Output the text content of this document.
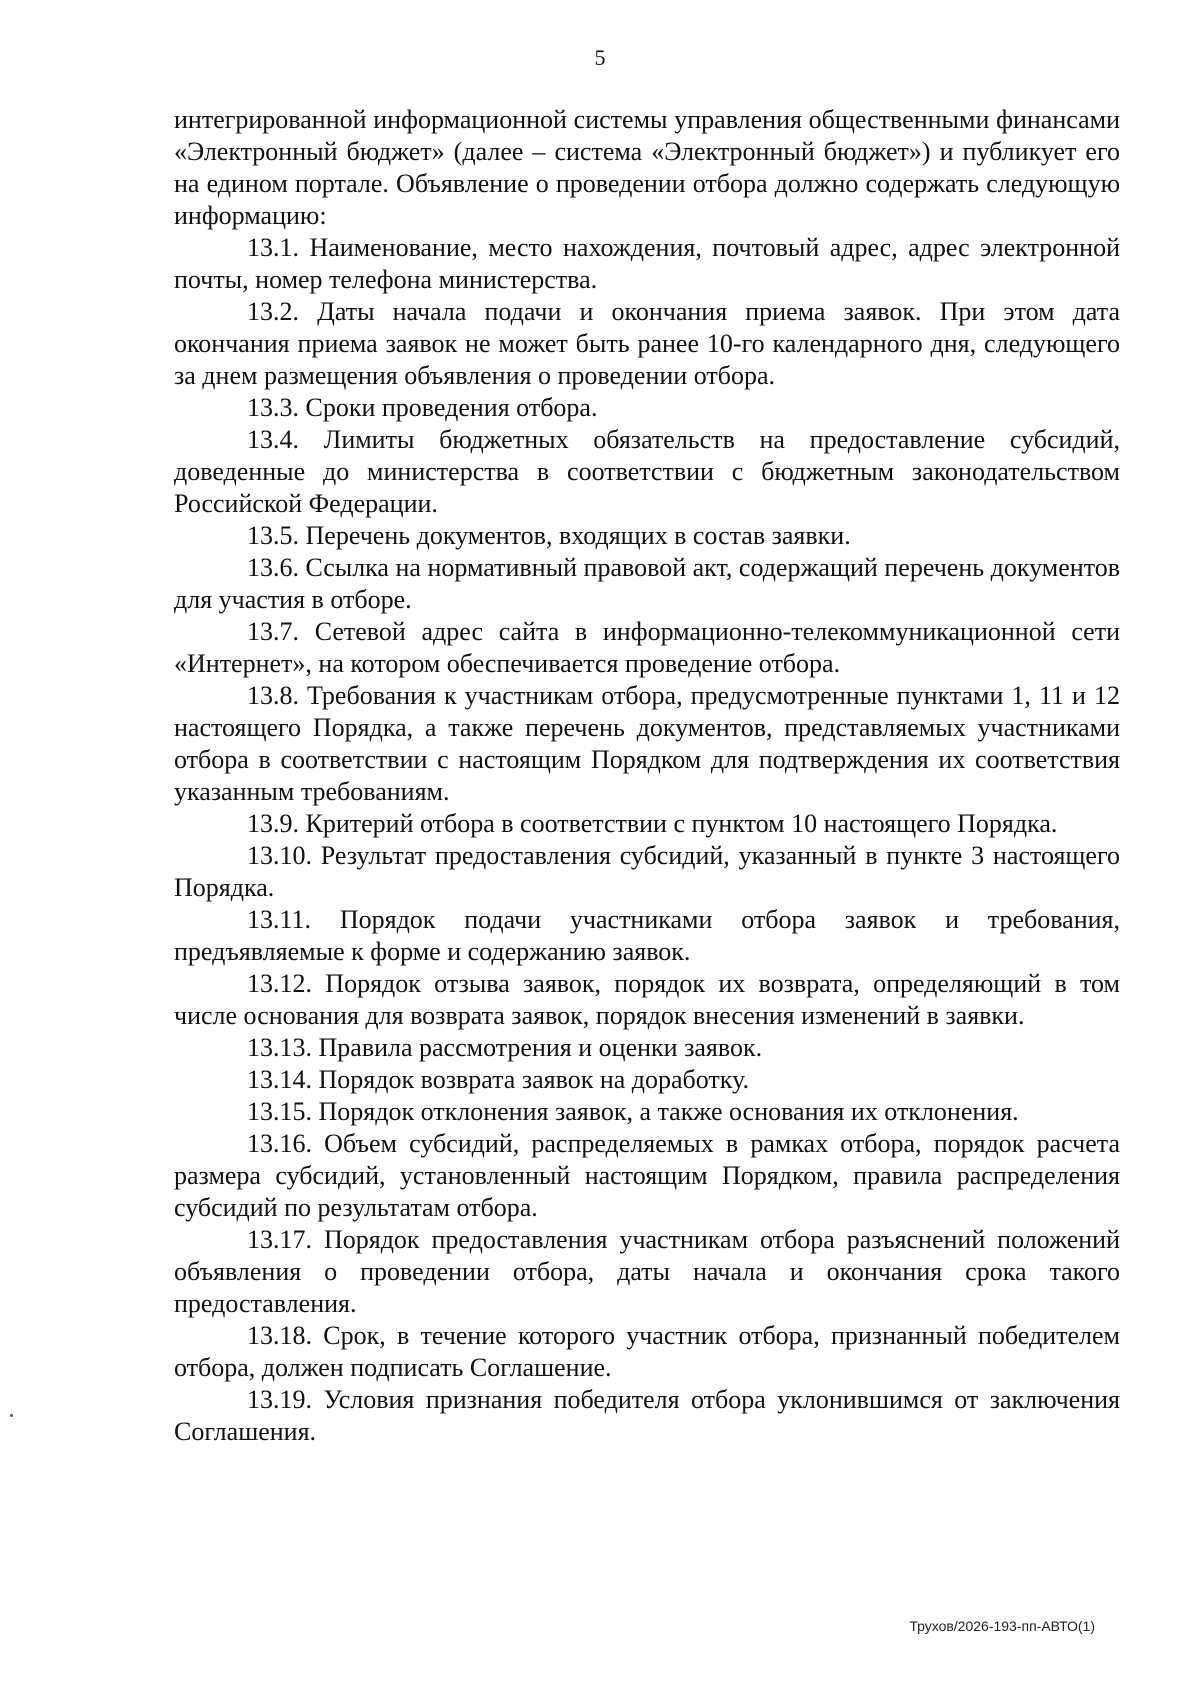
5

интегрированной информационной системы управления общественными финансами «Электронный бюджет» (далее – система «Электронный бюджет») и публикует его на едином портале. Объявление о проведении отбора должно содержать следующую информацию:

13.1. Наименование, место нахождения, почтовый адрес, адрес электронной почты, номер телефона министерства.

13.2. Даты начала подачи и окончания приема заявок. При этом дата окончания приема заявок не может быть ранее 10-го календарного дня, следующего за днем размещения объявления о проведении отбора.

13.3. Сроки проведения отбора.

13.4. Лимиты бюджетных обязательств на предоставление субсидий, доведенные до министерства в соответствии с бюджетным законодательством Российской Федерации.

13.5. Перечень документов, входящих в состав заявки.

13.6. Ссылка на нормативный правовой акт, содержащий перечень документов для участия в отборе.

13.7. Сетевой адрес сайта в информационно-телекоммуникационной сети «Интернет», на котором обеспечивается проведение отбора.

13.8. Требования к участникам отбора, предусмотренные пунктами 1, 11 и 12 настоящего Порядка, а также перечень документов, представляемых участниками отбора в соответствии с настоящим Порядком для подтверждения их соответствия указанным требованиям.

13.9. Критерий отбора в соответствии с пунктом 10 настоящего Порядка.

13.10. Результат предоставления субсидий, указанный в пункте 3 настоящего Порядка.

13.11. Порядок подачи участниками отбора заявок и требования, предъявляемые к форме и содержанию заявок.

13.12. Порядок отзыва заявок, порядок их возврата, определяющий в том числе основания для возврата заявок, порядок внесения изменений в заявки.

13.13. Правила рассмотрения и оценки заявок.

13.14. Порядок возврата заявок на доработку.

13.15. Порядок отклонения заявок, а также основания их отклонения.

13.16. Объем субсидий, распределяемых в рамках отбора, порядок расчета размера субсидий, установленный настоящим Порядком, правила распределения субсидий по результатам отбора.

13.17. Порядок предоставления участникам отбора разъяснений положений объявления о проведении отбора, даты начала и окончания срока такого предоставления.

13.18. Срок, в течение которого участник отбора, признанный победителем отбора, должен подписать Соглашение.

13.19. Условия признания победителя отбора уклонившимся от заключения Соглашения.

Трухов/2026-193-пп-АВТО(1)
